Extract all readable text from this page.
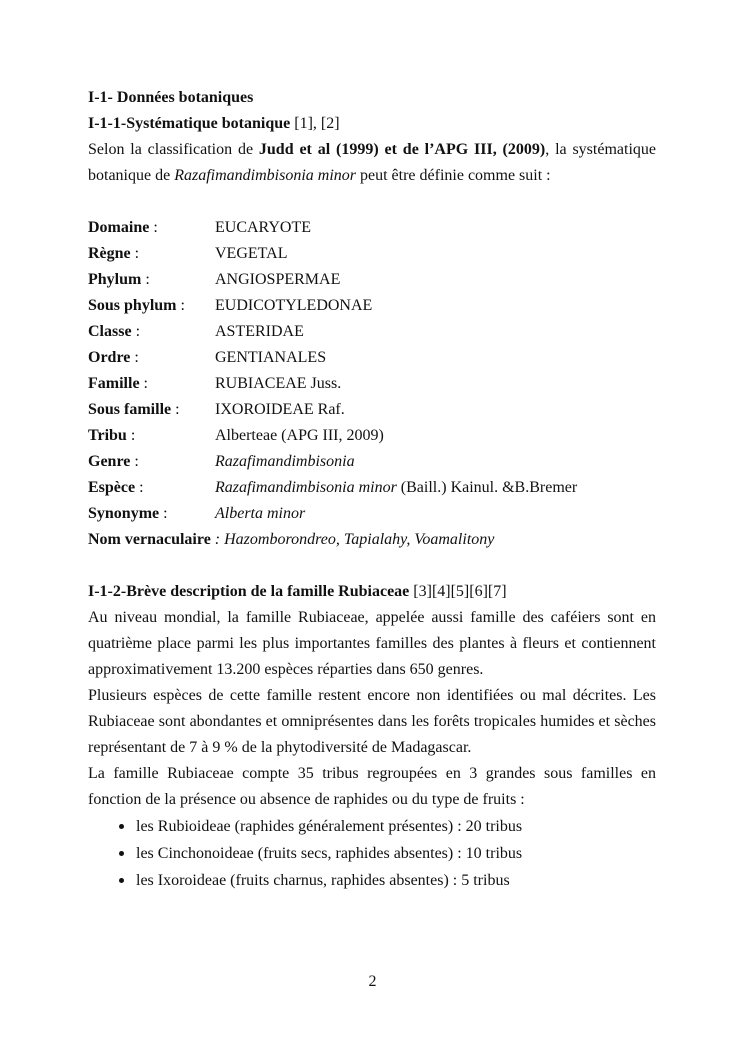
I-1- Données botaniques
I-1-1-Systématique botanique [1], [2]

Selon la classification de Judd et al (1999) et de l’APG III, (2009), la systématique botanique de Razafimandimbisonia minor peut être définie comme suit :

Domaine :	EUCARYOTE
Règne :	VEGETAL
Phylum :	ANGIOSPERMAE
Sous phylum :	EUDICOTYLEDONAE
Classe :	ASTERIDAE
Ordre :	GENTIANALES
Famille :	RUBIACEAE Juss.
Sous famille :	IXOROIDEAE Raf.
Tribu :	Alberteae (APG III, 2009)
Genre :	Razafimandimbisonia
Espèce :	Razafimandimbisonia minor (Baill.) Kainul. &B.Bremer
Synonyme :	Alberta minor
Nom vernaculaire : Hazomborondreo, Tapialahy, Voamalitony
I-1-2-Brève description de la famille Rubiaceae [3][4][5][6][7]

Au niveau mondial, la famille Rubiaceae, appelée aussi famille des caféiers sont en quatrième place parmi les plus importantes familles des plantes à fleurs et contiennent approximativement 13.200 espèces réparties dans 650 genres.

Plusieurs espèces de cette famille restent encore non identifiées ou mal décrites. Les Rubiaceae sont abondantes et omniprésentes dans les forêts tropicales humides et sèches représentant de 7 à 9 % de la phytodiversité de Madagascar.

La famille Rubiaceae compte 35 tribus regroupées en 3 grandes sous familles en fonction de la présence ou absence de raphides ou du type de fruits :

les Rubioideae (raphides généralement présentes) : 20 tribus
les Cinchonoideae (fruits secs, raphides absentes) : 10 tribus
les Ixoroideae (fruits charnus, raphides absentes) : 5 tribus
2
